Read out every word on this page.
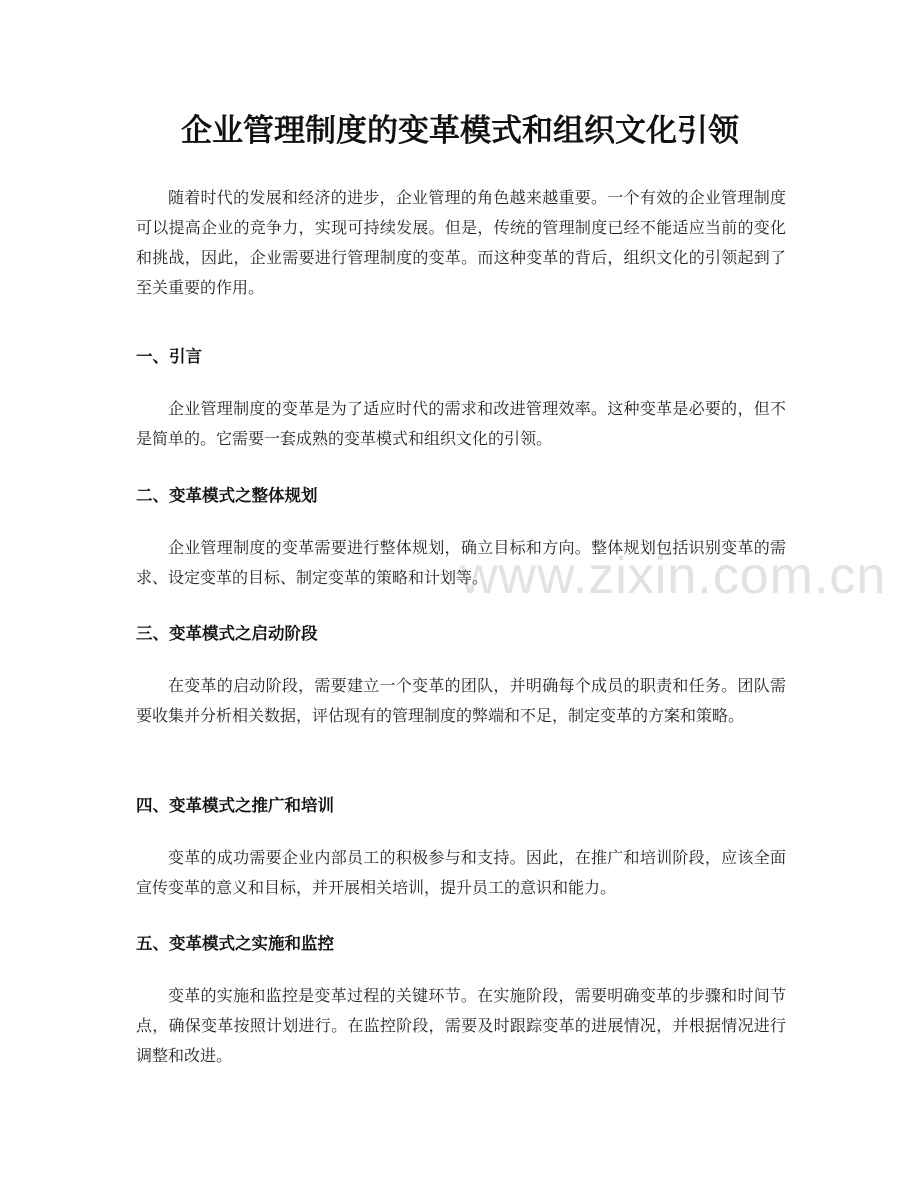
企业管理制度的变革模式和组织文化引领

随着时代的发展和经济的进步，企业管理的角色越来越重要。一个有效的企业管理制度可以提高企业的竞争力，实现可持续发展。但是，传统的管理制度已经不能适应当前的变化和挑战，因此，企业需要进行管理制度的变革。而这种变革的背后，组织文化的引领起到了至关重要的作用。

一、引言

企业管理制度的变革是为了适应时代的需求和改进管理效率。这种变革是必要的，但不是简单的。它需要一套成熟的变革模式和组织文化的引领。

二、变革模式之整体规划

企业管理制度的变革需要进行整体规划，确立目标和方向。整体规划包括识别变革的需求、设定变革的目标、制定变革的策略和计划等。

三、变革模式之启动阶段

在变革的启动阶段，需要建立一个变革的团队，并明确每个成员的职责和任务。团队需要收集并分析相关数据，评估现有的管理制度的弊端和不足，制定变革的方案和策略。

四、变革模式之推广和培训

变革的成功需要企业内部员工的积极参与和支持。因此，在推广和培训阶段，应该全面宣传变革的意义和目标，并开展相关培训，提升员工的意识和能力。

五、变革模式之实施和监控

变革的实施和监控是变革过程的关键环节。在实施阶段，需要明确变革的步骤和时间节点，确保变革按照计划进行。在监控阶段，需要及时跟踪变革的进展情况，并根据情况进行调整和改进。

www.zixin.com.cn
